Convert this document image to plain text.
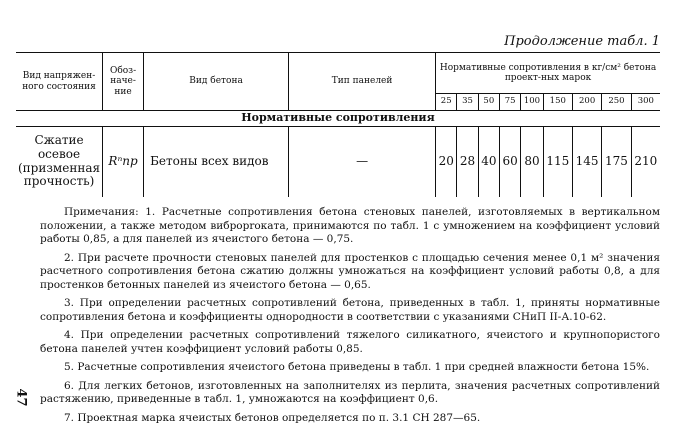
Продолжение табл. 1
Вид напряжен-ного состояния	Обоз-наче-ние	Вид бетона	Тип панелей	Нормативные сопротивления в кг/см² бетона проект-ных марок								
				25	35	50	75	100	150	200	250	300
Нормативные сопротивления												
Сжатие осевое (призменная прочность)	Rⁿпр	Бетоны всех видов	—	20	28	40	60	80	115	145	175	210

Примечания: 1. Расчетные сопротивления бетона стеновых панелей, изготовляемых в вертикальном положении, а также методом виброproката, принимаются по табл. 1 с умножением на коэффициент условий работы 0,85, а для панелей из ячеистого бетона — 0,75.

2. При расчете прочности стеновых панелей для простенков с площадью сечения менее 0,1 м² значения расчетного сопротивления бетона сжатию должны умножаться на коэффициент условий работы 0,8, а для простенков бетонных панелей из ячеистого бетона — 0,65.

3. При определении расчетных сопротивлений бетона, приведенных в табл. 1, приняты нормативные сопротивления бетона и коэффициенты однородности в соответствии с указаниями СНиП II-А.10-62.

4. При определении расчетных сопротивлений тяжелого силикатного, ячеистого и крупнопористого бетона панелей учтен коэффициент условий работы 0,85.

5. Расчетные сопротивления ячеистого бетона приведены в табл. 1 при средней влажности бетона 15%.

6. Для легких бетонов, изготовленных на заполнителях из перлита, значения расчетных сопротивлений растяжению, приведенные в табл. 1, умножаются на коэффициент 0,6.

7. Проектная марка ячеистых бетонов определяется по п. 3.1 СН 287—65.

47
